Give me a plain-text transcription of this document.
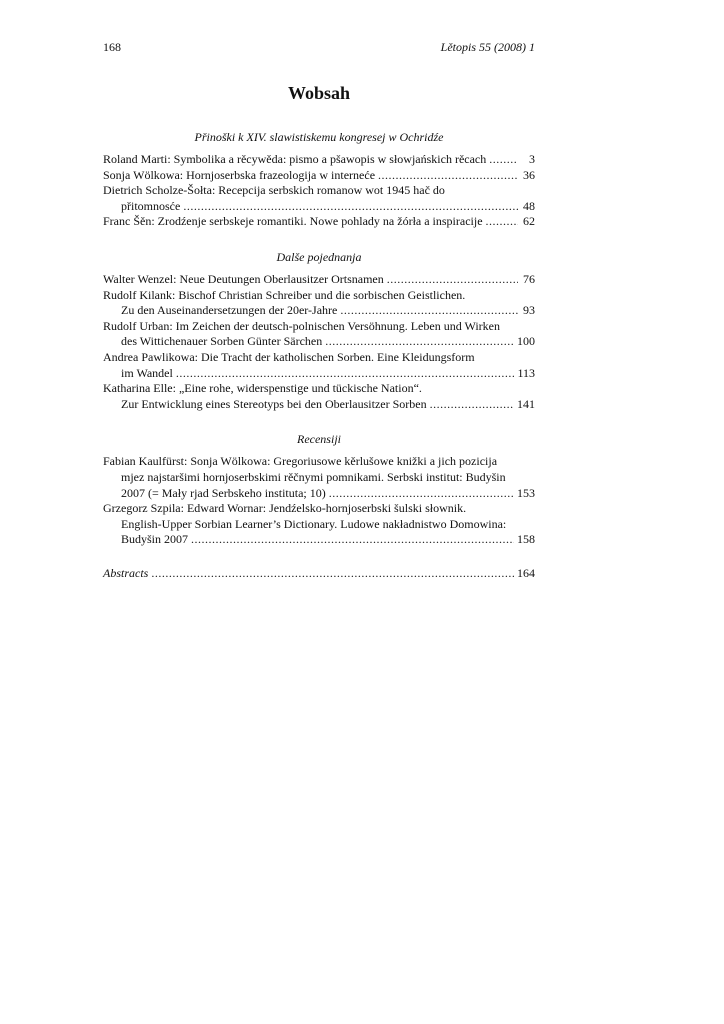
168	Lětopis 55 (2008) 1
Wobsah
Přinoški k XIV. slawistiskemu kongresej w Ochridźe
Roland Marti: Symbolika a rěcywěda: pismo a pšawopis w słowjańskich rěcach .....	3
Sonja Wölkowa: Hornjoserbska frazeologija w internеće .....	36
Dietrich Scholze-Šołta: Recepcija serbskich romanow wot 1945 hač do
přitomnosće .....	48
Franc Šěn: Zrodźenje serbskeje romantiki. Nowe pohlady na žórła a inspiracije .....	62
Dalše pojednanja
Walter Wenzel: Neue Deutungen Oberlausitzer Ortsnamen .....	76
Rudolf Kilank: Bischof Christian Schreiber und die sorbischen Geistlichen.
Zu den Auseinandersetzungen der 20er-Jahre .....	93
Rudolf Urban: Im Zeichen der deutsch-polnischen Versöhnung. Leben und Wirken
des Wittichenauer Sorben Günter Särchen .....	100
Andrea Pawlikowa: Die Tracht der katholischen Sorben. Eine Kleidungsform
im Wandel .....	113
Katharina Elle: „Eine rohe, widerspenstige und tückische Nation“.
Zur Entwicklung eines Stereotyps bei den Oberlausitzer Sorben .....	141
Recensiji
Fabian Kaulfürst: Sonja Wölkowa: Gregoriusowe kěrlušowe knižki a jich pozicija
mjez najstaršimi hornjoserbskimi rěčnymi pomnikami. Serbski institut: Budyšin
2007 (= Mały rjad Serbskeho instituta; 10) .....	153
Grzegorz Szpila: Edward Wornar: Jendźelsko-hornjoserbski šulski słownik.
English-Upper Sorbian Learner’s Dictionary. Ludowe nakładnistwo Domowina:
Budyšin 2007 .....	158
Abstracts .....	164
